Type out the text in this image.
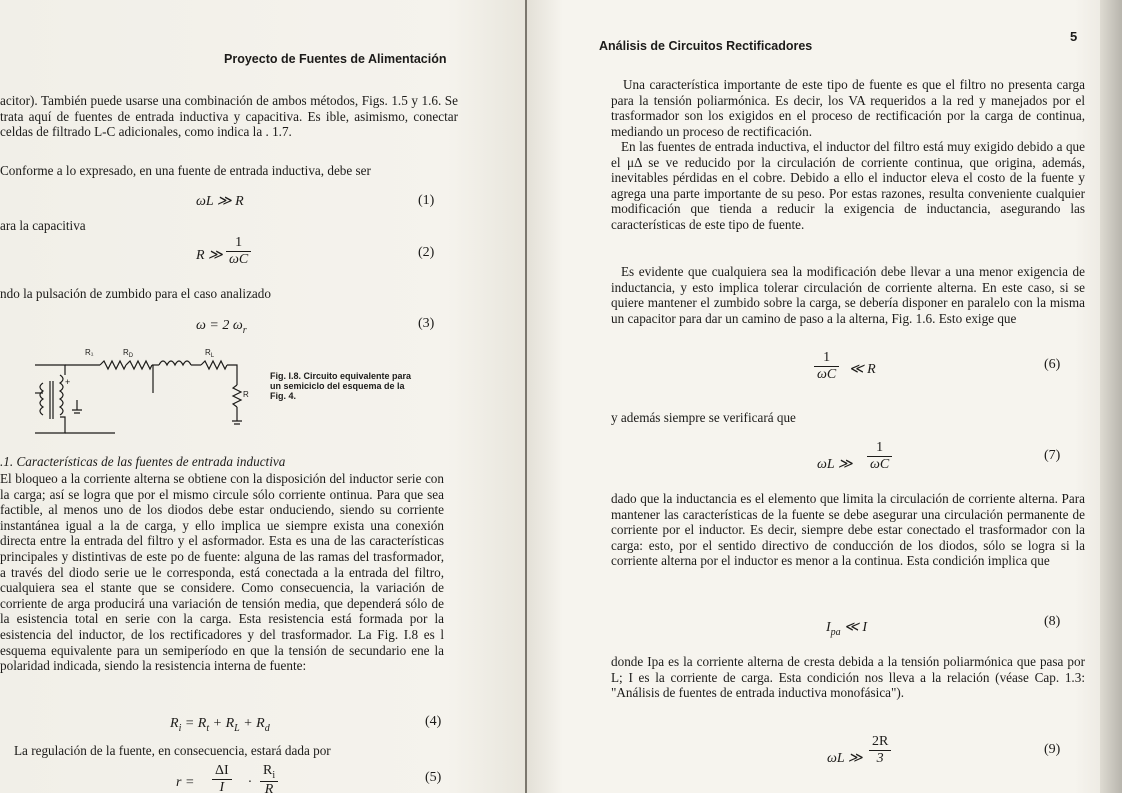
Proyecto de Fuentes de Alimentación

acitor). También puede usarse una combinación de ambos métodos, Figs. 1.5 y 1.6. Se trata aquí de fuentes de entrada inductiva y capacitiva. Es ible, asimismo, conectar celdas de filtrado L-C adicionales, como indica la . 1.7.

Conforme a lo expresado, en una fuente de entrada inductiva, debe ser
ωL ≫ R	(1)
ara la capacitiva
R ≫ $\frac{1}{\omega C}$	(2)
ndo la pulsación de zumbido para el caso analizado
ω = 2 $\omega_r$	(3)
R₁	$R_D$	$R_L$
R
+
Fig. I.8. Circuito equivalente para un semiciclo del esquema de la Fig. 4.
.1. Características de las fuentes de entrada inductiva

El bloqueo a la corriente alterna se obtiene con la disposición del inductor serie con la carga; así se logra que por el mismo circule sólo corriente ontinua. Para que sea factible, al menos uno de los diodos debe estar onduciendo, siendo su corriente instantánea igual a la de carga, y ello implica ue siempre exista una conexión directa entre la entrada del filtro y el asformador. Esta es una de las características principales y distintivas de este po de fuente: alguna de las ramas del trasformador, a través del diodo serie ue le corresponda, está conectada a la entrada del filtro, cualquiera sea el stante que se considere. Como consecuencia, la variación de corriente de arga producirá una variación de tensión media, que dependerá sólo de la esistencia total en serie con la carga. Esta resistencia está formada por la esistencia del inductor, de los rectificadores y del trasformador. La Fig. I.8 es l esquema equivalente para un semiperíodo en que la tensión de secundario ene la polaridad indicada, siendo la resistencia interna de fuente:

$R_i = R_t + R_L + R_d$	(4)
La regulación de la fuente, en consecuencia, estará dada por
$r = \frac{\Delta I}{I} \cdot \frac{R_i}{R}$	(5)
Análisis de Circuitos Rectificadores
5

Una característica importante de este tipo de fuente es que el filtro no presenta carga para la tensión poliarmónica. Es decir, los VA requeridos a la red y manejados por el trasformador son los exigidos en el proceso de rectificación por la carga de continua, mediando un proceso de rectificación.

En las fuentes de entrada inductiva, el inductor del filtro está muy exigido debido a que el μΔ se ve reducido por la circulación de corriente continua, que origina, además, inevitables pérdidas en el cobre. Debido a ello el inductor eleva el costo de la fuente y agrega una parte importante de su peso. Por estas razones, resulta conveniente cualquier modificación que tienda a reducir la exigencia de inductancia, asegurando las características de este tipo de fuente.

Es evidente que cualquiera sea la modificación debe llevar a una menor exigencia de inductancia, y esto implica tolerar circulación de corriente alterna. En este caso, si se quiere mantener el zumbido sobre la carga, se debería disponer en paralelo con la misma un capacitor para dar un camino de paso a la alterna, Fig. 1.6. Esto exige que

$\frac{1}{\omega C}$ ≪ R	(6)
y además siempre se verificará que
ωL ≫ $\frac{1}{\omega C}$	(7)

dado que la inductancia es el elemento que limita la circulación de corriente alterna. Para mantener las características de la fuente se debe asegurar una circulación permanente de corriente por el inductor. Es decir, siempre debe estar conectado el trasformador con la carga: esto, por el sentido directivo de conducción de los diodos, sólo se logra si la corriente alterna por el inductor es menor a la continua. Esta condición implica que

$I_{pa}$ ≪ I	(8)

donde Ipa es la corriente alterna de cresta debida a la tensión poliarmónica que pasa por L; I es la corriente de carga. Esta condición nos lleva a la relación (véase Cap. 1.3: "Análisis de fuentes de entrada inductiva monofásica").

ωL ≫ $\frac{2R}{3}$	(9)
